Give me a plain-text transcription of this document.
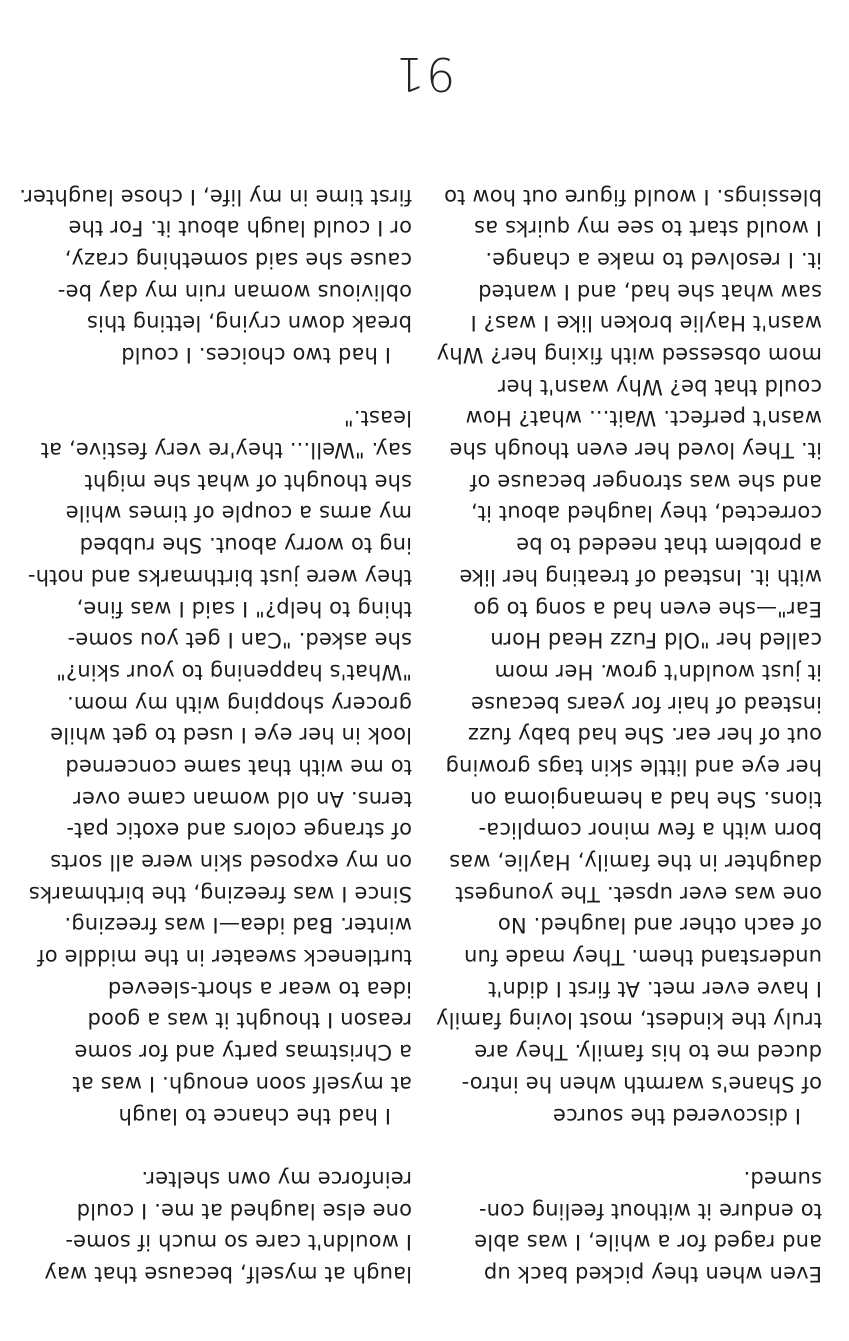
Even when they picked back up
and raged for a while, I was able
to endure it without feeling con-
sumed.
I discovered the source
of Shane's warmth when he intro-
duced me to his family. They are
truly the kindest, most loving family
I have ever met. At first I didn't
understand them. They made fun
of each other and laughed. No
one was ever upset. The youngest
daughter in the family, Haylie, was
born with a few minor complica-
tions. She had a hemangioma on
her eye and little skin tags growing
out of her ear. She had baby fuzz
instead of hair for years because
it just wouldn't grow. Her mom
called her "Old Fuzz Head Horn
Ear"—she even had a song to go
with it. Instead of treating her like
a problem that needed to be
corrected, they laughed about it,
and she was stronger because of
it. They loved her even though she
wasn't perfect. Wait... what? How
could that be? Why wasn't her
mom obsessed with fixing her? Why
wasn't Haylie broken like I was? I
saw what she had, and I wanted
it. I resolved to make a change.
I would start to see my quirks as
blessings. I would figure out how to
laugh at myself, because that way
I wouldn't care so much if some-
one else laughed at me. I could
reinforce my own shelter.
I had the chance to laugh
at myself soon enough. I was at
a Christmas party and for some
reason I thought it was a good
idea to wear a short-sleeved
turtleneck sweater in the middle of
winter. Bad idea—I was freezing.
Since I was freezing, the birthmarks
on my exposed skin were all sorts
of strange colors and exotic pat-
terns. An old woman came over
to me with that same concerned
look in her eye I used to get while
grocery shopping with my mom.
"What's happening to your skin?"
she asked. "Can I get you some-
thing to help?" I said I was fine,
they were just birthmarks and noth-
ing to worry about. She rubbed
my arms a couple of times while
she thought of what she might
say. "Well... they're very festive, at
least."
I had two choices. I could
break down crying, letting this
oblivious woman ruin my day be-
cause she said something crazy,
or I could laugh about it. For the
first time in my life, I chose laughter.
91
